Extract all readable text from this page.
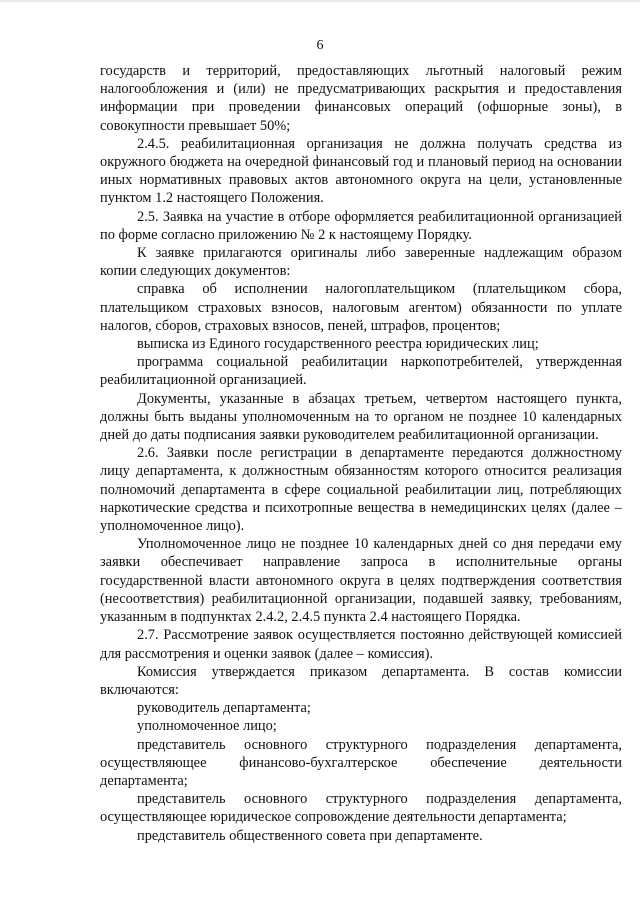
6

государств и территорий, предоставляющих льготный налоговый режим налогообложения и (или) не предусматривающих раскрытия и предоставления информации при проведении финансовых операций (офшорные зоны), в совокупности превышает 50%;

2.4.5. реабилитационная организация не должна получать средства из окружного бюджета на очередной финансовый год и плановый период на основании иных нормативных правовых актов автономного округа на цели, установленные пунктом 1.2 настоящего Положения.

2.5. Заявка на участие в отборе оформляется реабилитационной организацией по форме согласно приложению № 2 к настоящему Порядку.

К заявке прилагаются оригиналы либо заверенные надлежащим образом копии следующих документов:

справка об исполнении налогоплательщиком (плательщиком сбора, плательщиком страховых взносов, налоговым агентом) обязанности по уплате налогов, сборов, страховых взносов, пеней, штрафов, процентов;

выписка из Единого государственного реестра юридических лиц;

программа социальной реабилитации наркопотребителей, утвержденная реабилитационной организацией.

Документы, указанные в абзацах третьем, четвертом настоящего пункта, должны быть выданы уполномоченным на то органом не позднее 10 календарных дней до даты подписания заявки руководителем реабилитационной организации.

2.6. Заявки после регистрации в департаменте передаются должностному лицу департамента, к должностным обязанностям которого относится реализация полномочий департамента в сфере социальной реабилитации лиц, потребляющих наркотические средства и психотропные вещества в немедицинских целях (далее – уполномоченное лицо).

Уполномоченное лицо не позднее 10 календарных дней со дня передачи ему заявки обеспечивает направление запроса в исполнительные органы государственной власти автономного округа в целях подтверждения соответствия (несоответствия) реабилитационной организации, подавшей заявку, требованиям, указанным в подпунктах 2.4.2, 2.4.5 пункта 2.4 настоящего Порядка.

2.7. Рассмотрение заявок осуществляется постоянно действующей комиссией для рассмотрения и оценки заявок (далее – комиссия).

Комиссия утверждается приказом департамента. В состав комиссии включаются:

руководитель департамента;

уполномоченное лицо;

представитель основного структурного подразделения департамента, осуществляющее финансово-бухгалтерское обеспечение деятельности департамента;

представитель основного структурного подразделения департамента, осуществляющее юридическое сопровождение деятельности департамента;

представитель общественного совета при департаменте.
